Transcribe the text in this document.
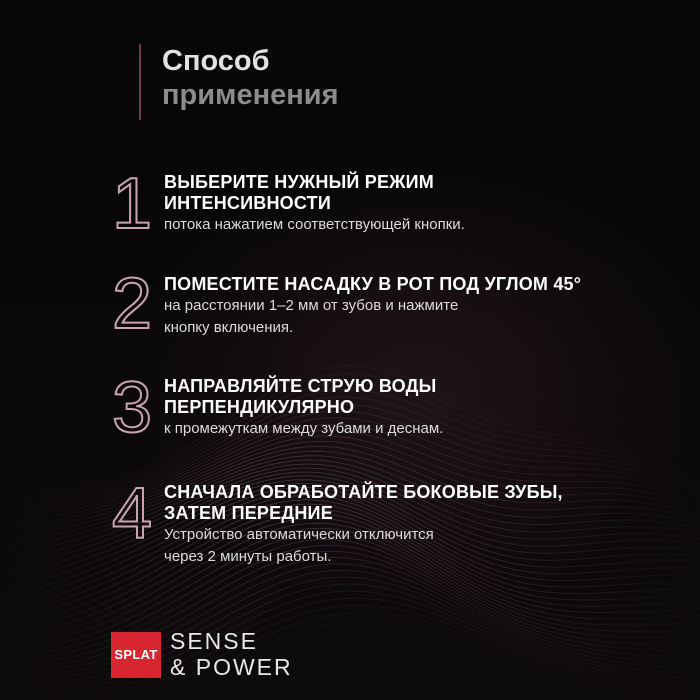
Способ
применения
1 ВЫБЕРИТЕ НУЖНЫЙ РЕЖИМ
ИНТЕНСИВНОСТИ
потока нажатием соответствующей кнопки.
2 ПОМЕСТИТЕ НАСАДКУ В РОТ ПОД УГЛОМ 45°
на расстоянии 1–2 мм от зубов и нажмите
кнопку включения.
3 НАПРАВЛЯЙТЕ СТРУЮ ВОДЫ
ПЕРПЕНДИКУЛЯРНО
к промежуткам между зубами и деснам.
4 СНАЧАЛА ОБРАБОТАЙТЕ БОКОВЫЕ ЗУБЫ,
ЗАТЕМ ПЕРЕДНИЕ
Устройство автоматически отключится
через 2 минуты работы.
SPLAT
SENSE
& POWER
